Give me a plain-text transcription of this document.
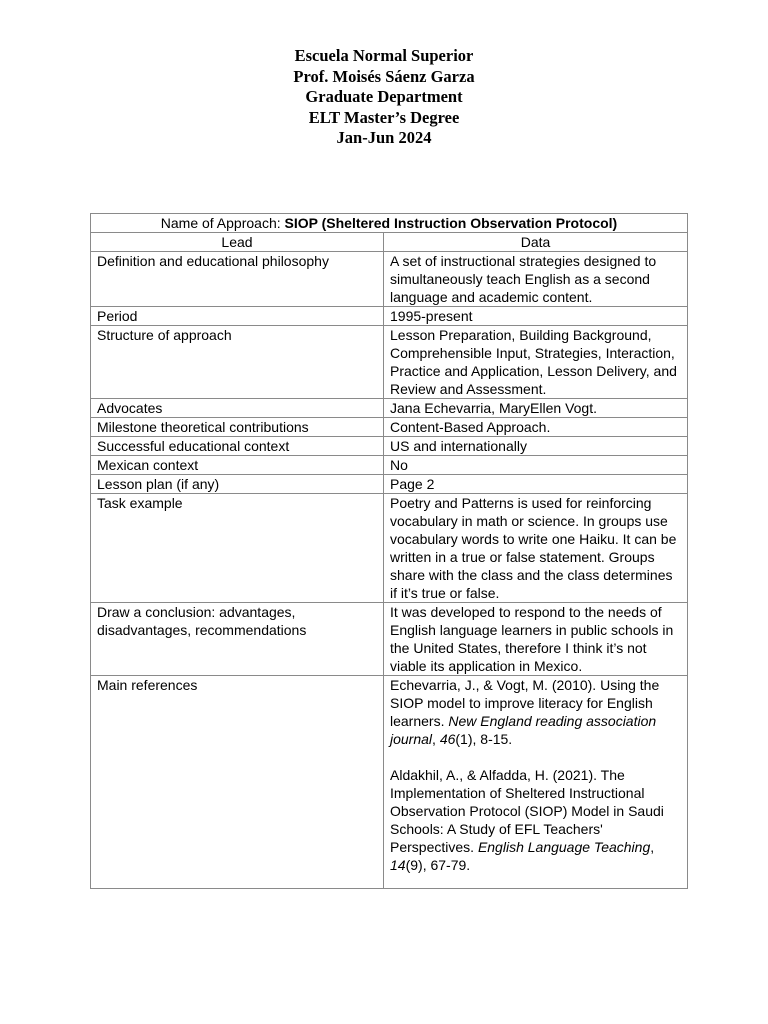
Escuela Normal Superior
Prof. Moisés Sáenz Garza
Graduate Department
ELT Master’s Degree
Jan-Jun 2024
Name of Approach: SIOP (Sheltered Instruction Observation Protocol)	
Lead	Data
Definition and educational philosophy	A set of instructional strategies designed to simultaneously teach English as a second language and academic content.
Period	1995-present
Structure of approach	Lesson Preparation, Building Background, Comprehensible Input, Strategies, Interaction, Practice and Application, Lesson Delivery, and Review and Assessment.
Advocates	Jana Echevarria, MaryEllen Vogt.
Milestone theoretical contributions	Content-Based Approach.
Successful educational context	US and internationally
Mexican context	No
Lesson plan (if any)	Page 2
Task example	Poetry and Patterns is used for reinforcing vocabulary in math or science. In groups use vocabulary words to write one Haiku. It can be written in a true or false statement. Groups share with the class and the class determines if it’s true or false.
Draw a conclusion: advantages, disadvantages, recommendations	It was developed to respond to the needs of English language learners in public schools in the United States, therefore I think it’s not viable its application in Mexico.
Main references	Echevarria, J., & Vogt, M. (2010). Using the SIOP model to improve literacy for English learners. New England reading association journal, 46(1), 8-15.
Aldakhil, A., & Alfadda, H. (2021). The Implementation of Sheltered Instructional Observation Protocol (SIOP) Model in Saudi Schools: A Study of EFL Teachers' Perspectives. English Language Teaching, 14(9), 67-79.
